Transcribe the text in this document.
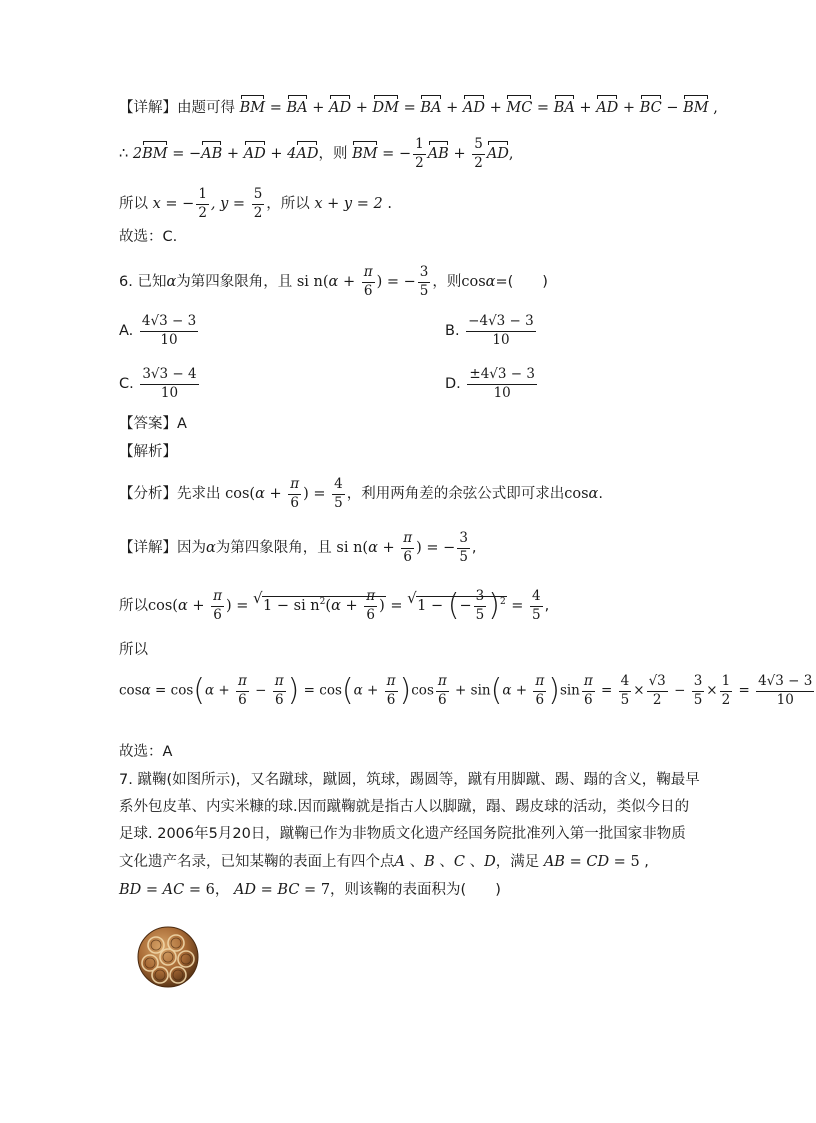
【详解】由题可得 BM = BA + AD + DM = BA + AD + MC = BA + AD + BC − BM ,
∴ 2BM = −AB + AD + 4AD，则 BM = − $\frac{1}{2}$ AB + $\frac{5}{2}$ AD,
所以 x = − $\frac{1}{2}$ , $y = \frac{5}{2}$ ，所以 x + y = 2 .
故选：C.
6. 已知α为第四象限角，且 si $n(\alpha + \frac{\pi}{6}$ ) = − $\frac{3}{5}$ ，则cosα=(　　)
A. $\frac{4√3 - 3}{10}$	B. $\frac{-4√3 - 3}{10}$
C. $\frac{3√3 - 4}{10}$	D. $\frac{\pm 4√3 - 3}{10}$
【答案】A
【解析】
【分析】先求出 $\cos(\alpha + \frac{\pi}{6}$ ) = $\frac{4}{5}$ ，利用两角差的余弦公式即可求出cosα.
【详解】因为α为第四象限角，且 si $n(\alpha + \frac{\pi}{6}$ ) = − $\frac{3}{5}$ ,
所以$\cos(\alpha + \frac{\pi}{6}$ ) = √ 1 − si $n^2(\alpha + \frac{\pi}{6}$ ) = √ 1 − (− $\frac{3}{5} )^2 = \frac{4}{5}$ ,
所以
$\cos\alpha = \cos(\alpha + \frac{\pi}{6} - \frac{\pi}{6}$ ) = $\cos(\alpha + \frac{\pi}{6} )\cos \frac{\pi}{6} + \sin(\alpha + \frac{\pi}{6} )\sin \frac{\pi}{6} = \frac{4}{5} \times \frac{√3}{2} - \frac{3}{5} \times \frac{1}{2} = \frac{4√3 - 3}{10}$
故选：A
7. 蹴鞠(如图所示)，又名蹴球，蹴圆，筑球，踢圆等，蹴有用脚蹴、踢、蹋的含义，鞠最早
系外包皮革、内实米糠的球.因而蹴鞠就是指古人以脚蹴，蹋、踢皮球的活动，类似今日的
足球. 2006年5月20日，蹴鞠已作为非物质文化遗产经国务院批准列入第一批国家非物质
文化遗产名录，已知某鞠的表面上有四个点A 、B 、C 、D，满足 AB = CD = 5 ,
BD = AC = 6， AD = BC = 7，则该鞠的表面积为(　　)
